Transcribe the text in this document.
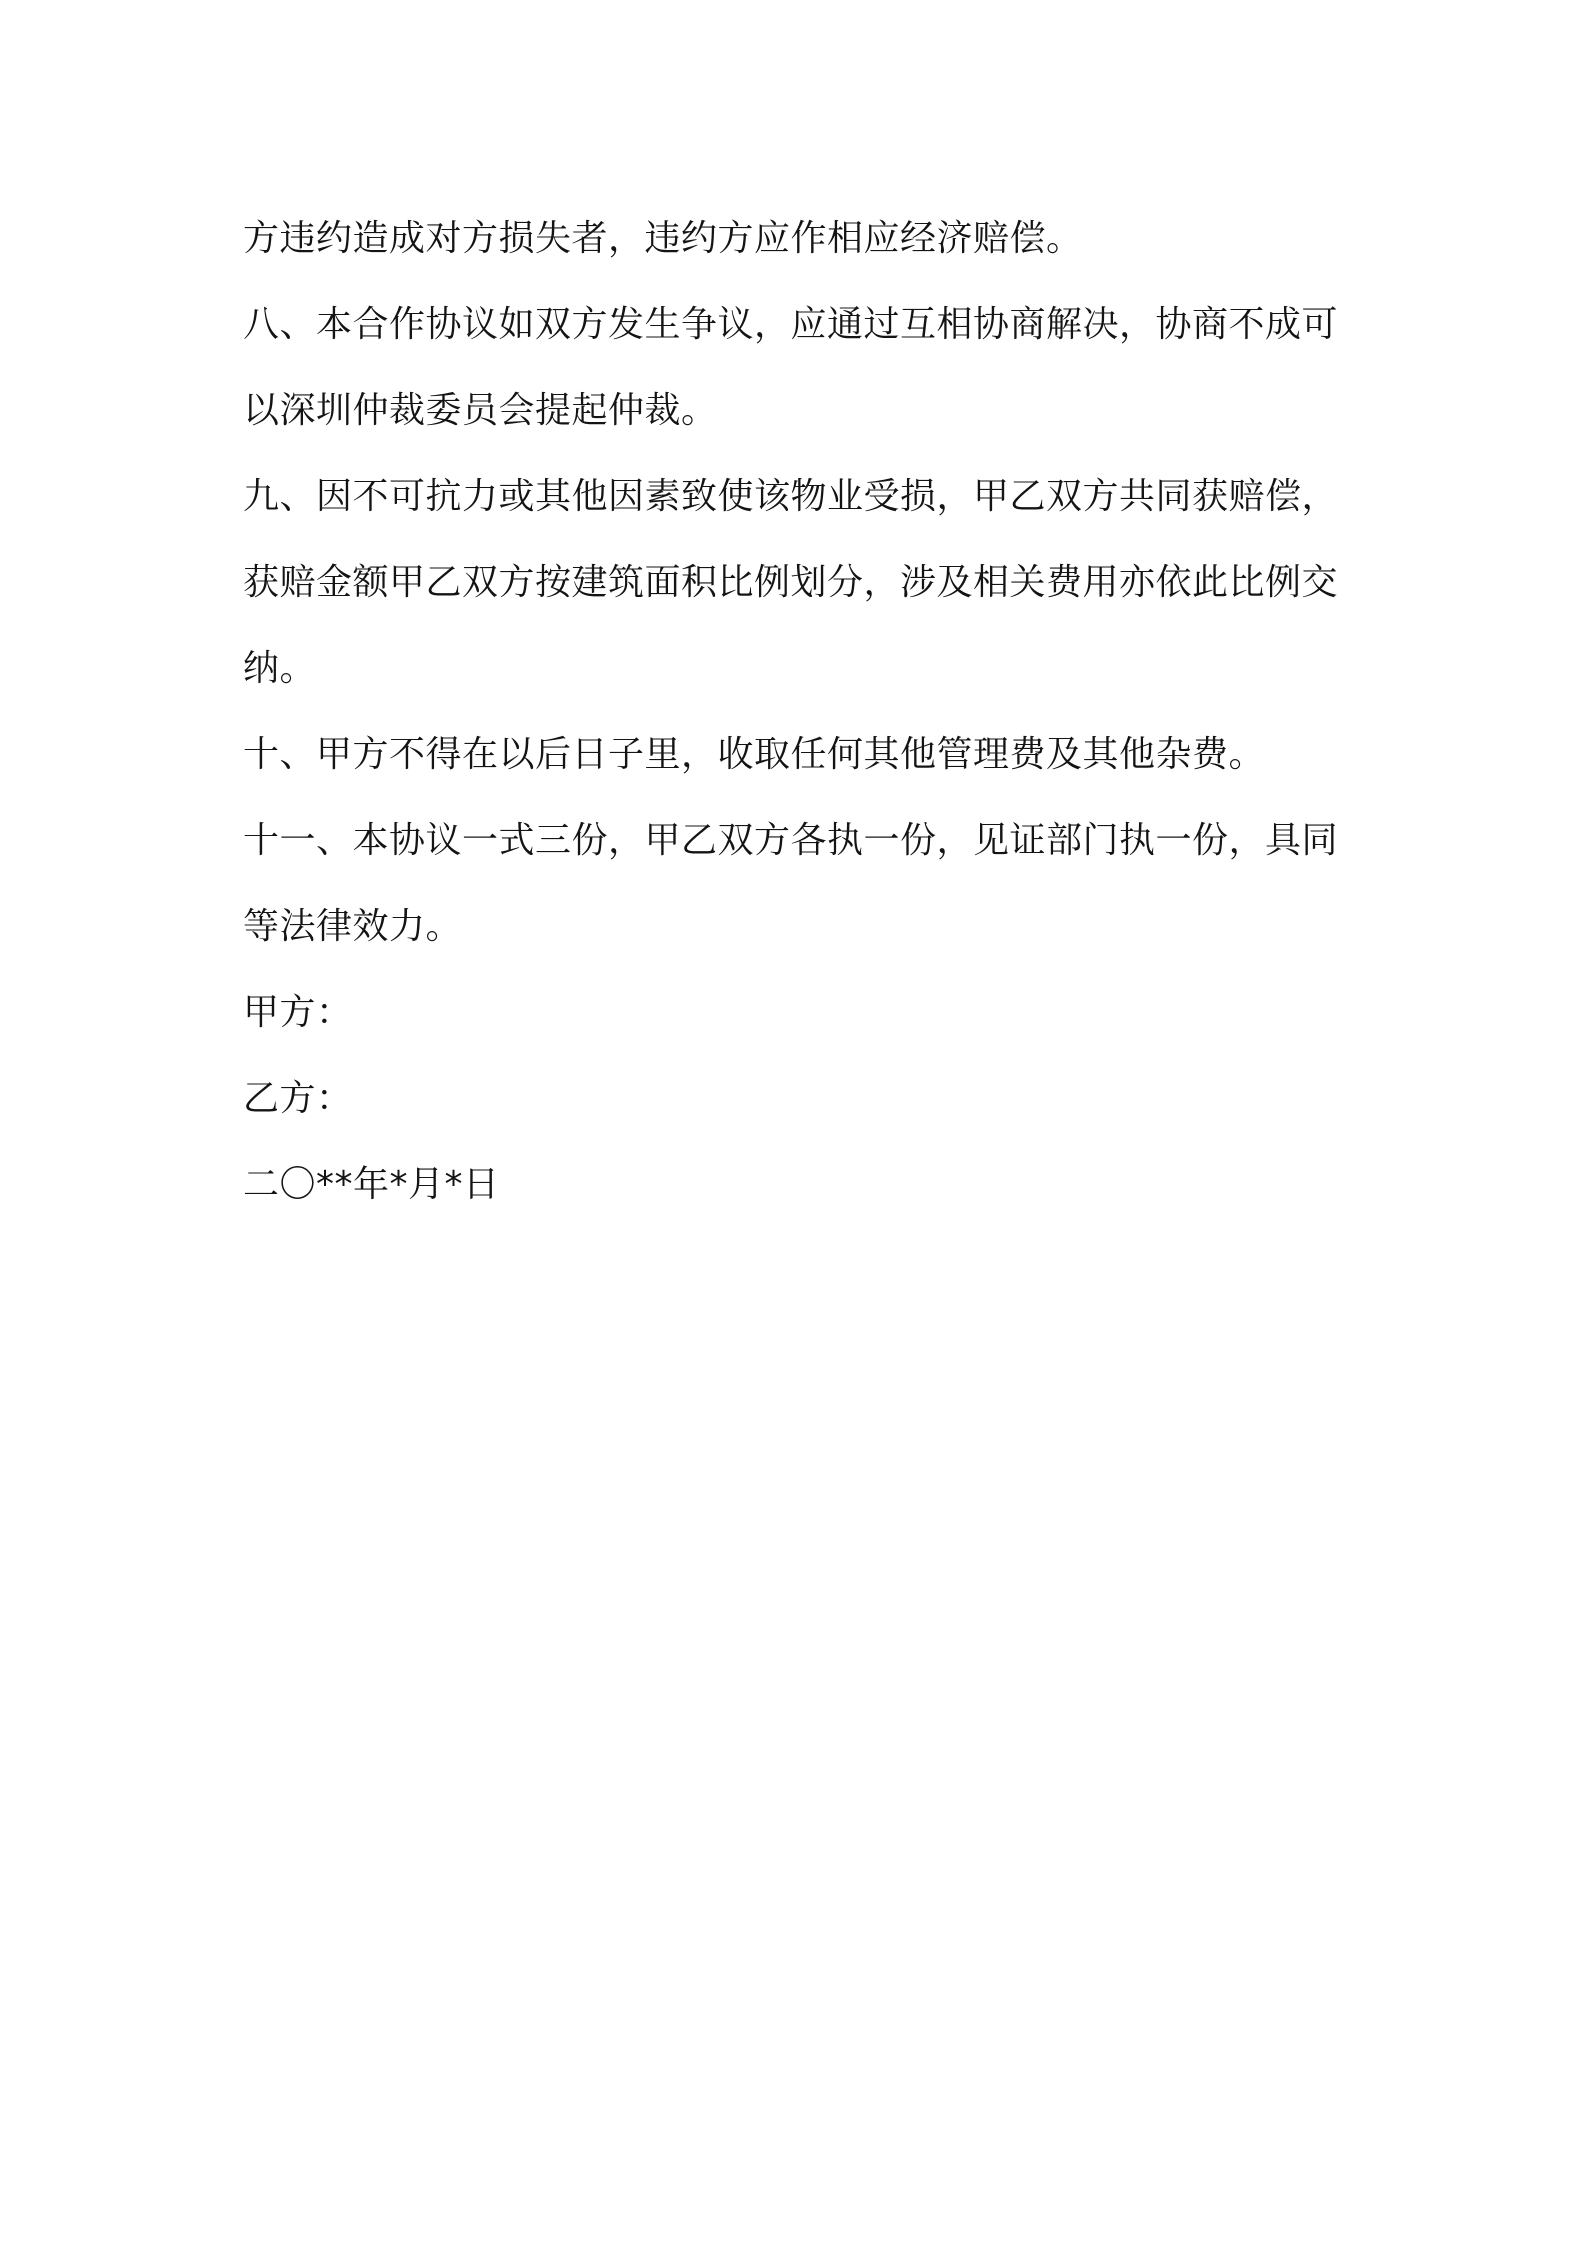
方违约造成对方损失者，违约方应作相应经济赔偿。
八、本合作协议如双方发生争议，应通过互相协商解决，协商不成可
以深圳仲裁委员会提起仲裁。
九、因不可抗力或其他因素致使该物业受损，甲乙双方共同获赔偿，
获赔金额甲乙双方按建筑面积比例划分，涉及相关费用亦依此比例交
纳。
十、甲方不得在以后日子里，收取任何其他管理费及其他杂费。
十一、本协议一式三份，甲乙双方各执一份，见证部门执一份，具同
等法律效力。
甲方：
乙方：
二〇**年*月*日
